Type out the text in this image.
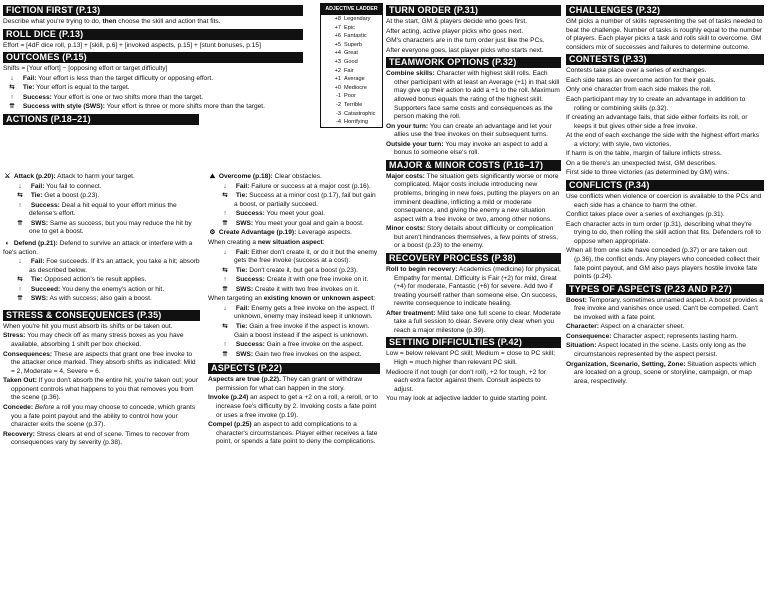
FICTION FIRST (P.13)

Describe what you're trying to do, then choose the skill and action that fits.

ROLL DICE (P.13)

Effort = [4dF dice roll, p.13] + [skill, p.6] + [invoked aspects, p.15] + [stunt bonuses, p.15]

OUTCOMES (P.15)

Shifts = [Your effort] − [opposing effort or target difficulty]

↓ Fail: Your effort is less than the target difficulty or opposing effort.

⇆ Tie: Your effort is equal to the target.

↑ Success: Your effort is one or two shifts more than the target.

⇈ Success with style (SWS): Your effort is three or more shifts more than the target.

ACTIONS (P.18–21)
ADJECTIVE LADDER
+8 Legendary
+7 Epic
+6 Fantastic
+5 Superb
+4 Great
+3 Good
+2 Fair
+1 Average
+0 Mediocre
-1 Poor
-2 Terrible
-3 Catastrophic
-4 Horrifying

⚔ Attack (p.20): Attack to harm your target.

↓ Fail: You fail to connect.

⇆ Tie: Get a boost (p.23).

↑ Success: Deal a hit equal to your effort minus the defense's effort.

⇈ SWS: Same as success, but you may reduce the hit by one to get a boost.

◐ Defend (p.21): Defend to survive an attack or interfere with a foe's action.

↓ Fail: Foe succeeds. If it's an attack, you take a hit; absorb as described below.

⇆ Tie: Opposed action's tie result applies.

↑ Succeed: You deny the enemy's action or hit.

⇈ SWS: As with success; also gain a boost.

STRESS & CONSEQUENCES (P.35)

When you're hit you must absorb its shifts or be taken out.

Stress: You may check off as many stress boxes as you have available, absorbing 1 shift per box checked.

Consequences: These are aspects that grant one free invoke to the attacker once marked. They absorb shifts as indicated: Mild = 2, Moderate = 4, Severe = 6.

Taken Out: If you don't absorb the entire hit, you're taken out; your opponent controls what happens to you that removes you from the scene (p.36).

Concede: Before a roll you may choose to concede, which grants you a fate point payout and the ability to control how your character exits the scene (p.37).

Recovery: Stress clears at end of scene. Times to recover from consequences vary by severity (p.38).

⛰ Overcome (p.18): Clear obstacles.

↓ Fail: Failure or success at a major cost (p.16).

⇆ Tie: Success at a minor cost (p.17), fail but gain a boost, or partially succeed.

↑ Success: You meet your goal.

⇈ SWS: You meet your goal and gain a boost.

⚙ Create Advantage (p.19): Leverage aspects.

When creating a new situation aspect:

↓ Fail: Either don't create it, or do it but the enemy gets the free invoke (success at a cost).

⇆ Tie: Don't create it, but get a boost (p.23).

↑ Success: Create it with one free invoke on it.

⇈ SWS: Create it with two free invokes on it.

When targeting an existing known or unknown aspect:

↓ Fail: Enemy gets a free invoke on the aspect. If unknown, enemy may instead keep it unknown.

⇆ Tie: Gain a free invoke if the aspect is known. Gain a boost instead if the aspect is unknown.

↑ Success: Gain a free invoke on the aspect.

⇈ SWS: Gain two free invokes on the aspect.

ASPECTS (P.22)

Aspects are true (p.22). They can grant or withdraw permission for what can happen in the story.

Invoke (p.24) an aspect to get a +2 on a roll, a reroll, or to increase foe's difficulty by 2. Invoking costs a fate point or uses a free invoke (p.19).

Compel (p.25) an aspect to add complications to a character's circumstances. Player either receives a fate point, or spends a fate point to deny the complications.

TURN ORDER (P.31)

At the start, GM & players decide who goes first.

After acting, active player picks who goes next.

GM's characters are in the turn order just like the PCs.

After everyone goes, last player picks who starts next.

TEAMWORK OPTIONS (P.32)

Combine skills: Character with highest skill rolls. Each other participant with at least an Average (+1) in that skill may give up their action to add a +1 to the roll. Maximum allowed bonus equals the rating of the highest skill. Supporters face same costs and consequences as the person making the roll.

On your turn: You can create an advantage and let your allies use the free invokes on their subsequent turns.

Outside your turn: You may invoke an aspect to add a bonus to someone else's roll.

MAJOR & MINOR COSTS (P.16–17)

Major costs: The situation gets significantly worse or more complicated. Major costs include introducing new problems, bringing in new foes, putting the players on an imminent deadline, inflicting a mild or moderate consequence, and giving the enemy a new situation aspect with a free invoke or two, among other notions.

Minor costs: Story details about difficulty or complication but aren't hindrances themselves, a few points of stress, or a boost (p.23) to the enemy.

RECOVERY PROCESS (P.38)

Roll to begin recovery: Academics (medicine) for physical, Empathy for mental. Difficulty is Fair (+2) for mild, Great (+4) for moderate, Fantastic (+6) for severe. Add two if treating yourself rather than someone else. On success, rewrite consequence to indicate healing.

After treatment: Mild take one full scene to clear. Moderate take a full session to clear. Severe only clear when you reach a major milestone (p.39).

SETTING DIFFICULTIES (P.42)

Low = below relevant PC skill; Medium = close to PC skill; High = much higher than relevant PC skill.

Mediocre if not tough (or don't roll), +2 for tough, +2 for each extra factor against them. Consult aspects to adjust.

You may look at adjective ladder to guide starting point.

CHALLENGES (P.32)

GM picks a number of skills representing the set of tasks needed to beat the challenge. Number of tasks is roughly equal to the number of players. Each player picks a task and rolls skill to overcome. GM considers mix of successes and failures to determine outcome.

CONTESTS (P.33)

Contests take place over a series of exchanges.

Each side takes an overcome action for their goals.

Only one character from each side makes the roll.

Each participant may try to create an advantage in addition to rolling or combining skills (p.32).

If creating an advantage fails, that side either forfeits its roll, or keeps it but gives other side a free invoke.

At the end of each exchange the side with the highest effort marks a victory; with style, two victories.

If harm is on the table, margin of failure inflicts stress.

On a tie there's an unexpected twist, GM describes.

First side to three victories (as determined by GM) wins.

CONFLICTS (P.34)

Use conflicts when violence or coercion is available to the PCs and each side has a chance to harm the other.

Conflict takes place over a series of exchanges (p.31).

Each character acts in turn order (p.31), describing what they're trying to do, then rolling the skill action that fits. Defenders roll to oppose when appropriate.

When all from one side have conceded (p.37) or are taken out (p.36), the conflict ends. Any players who conceded collect their fate point payout, and GM also pays players hostile invoke fate points (p.24).

TYPES OF ASPECTS (P.23 AND P.27)

Boost: Temporary, sometimes unnamed aspect. A boost provides a free invoke and vanishes once used. Can't be compelled. Can't be invoked with a fate point.

Character: Aspect on a character sheet.

Consequence: Character aspect; represents lasting harm.

Situation: Aspect located in the scene. Lasts only long as the circumstances represented by the aspect persist.

Organization, Scenario, Setting, Zone: Situation aspects which are located on a group, scene or storyline, campaign, or map area, respectively.
